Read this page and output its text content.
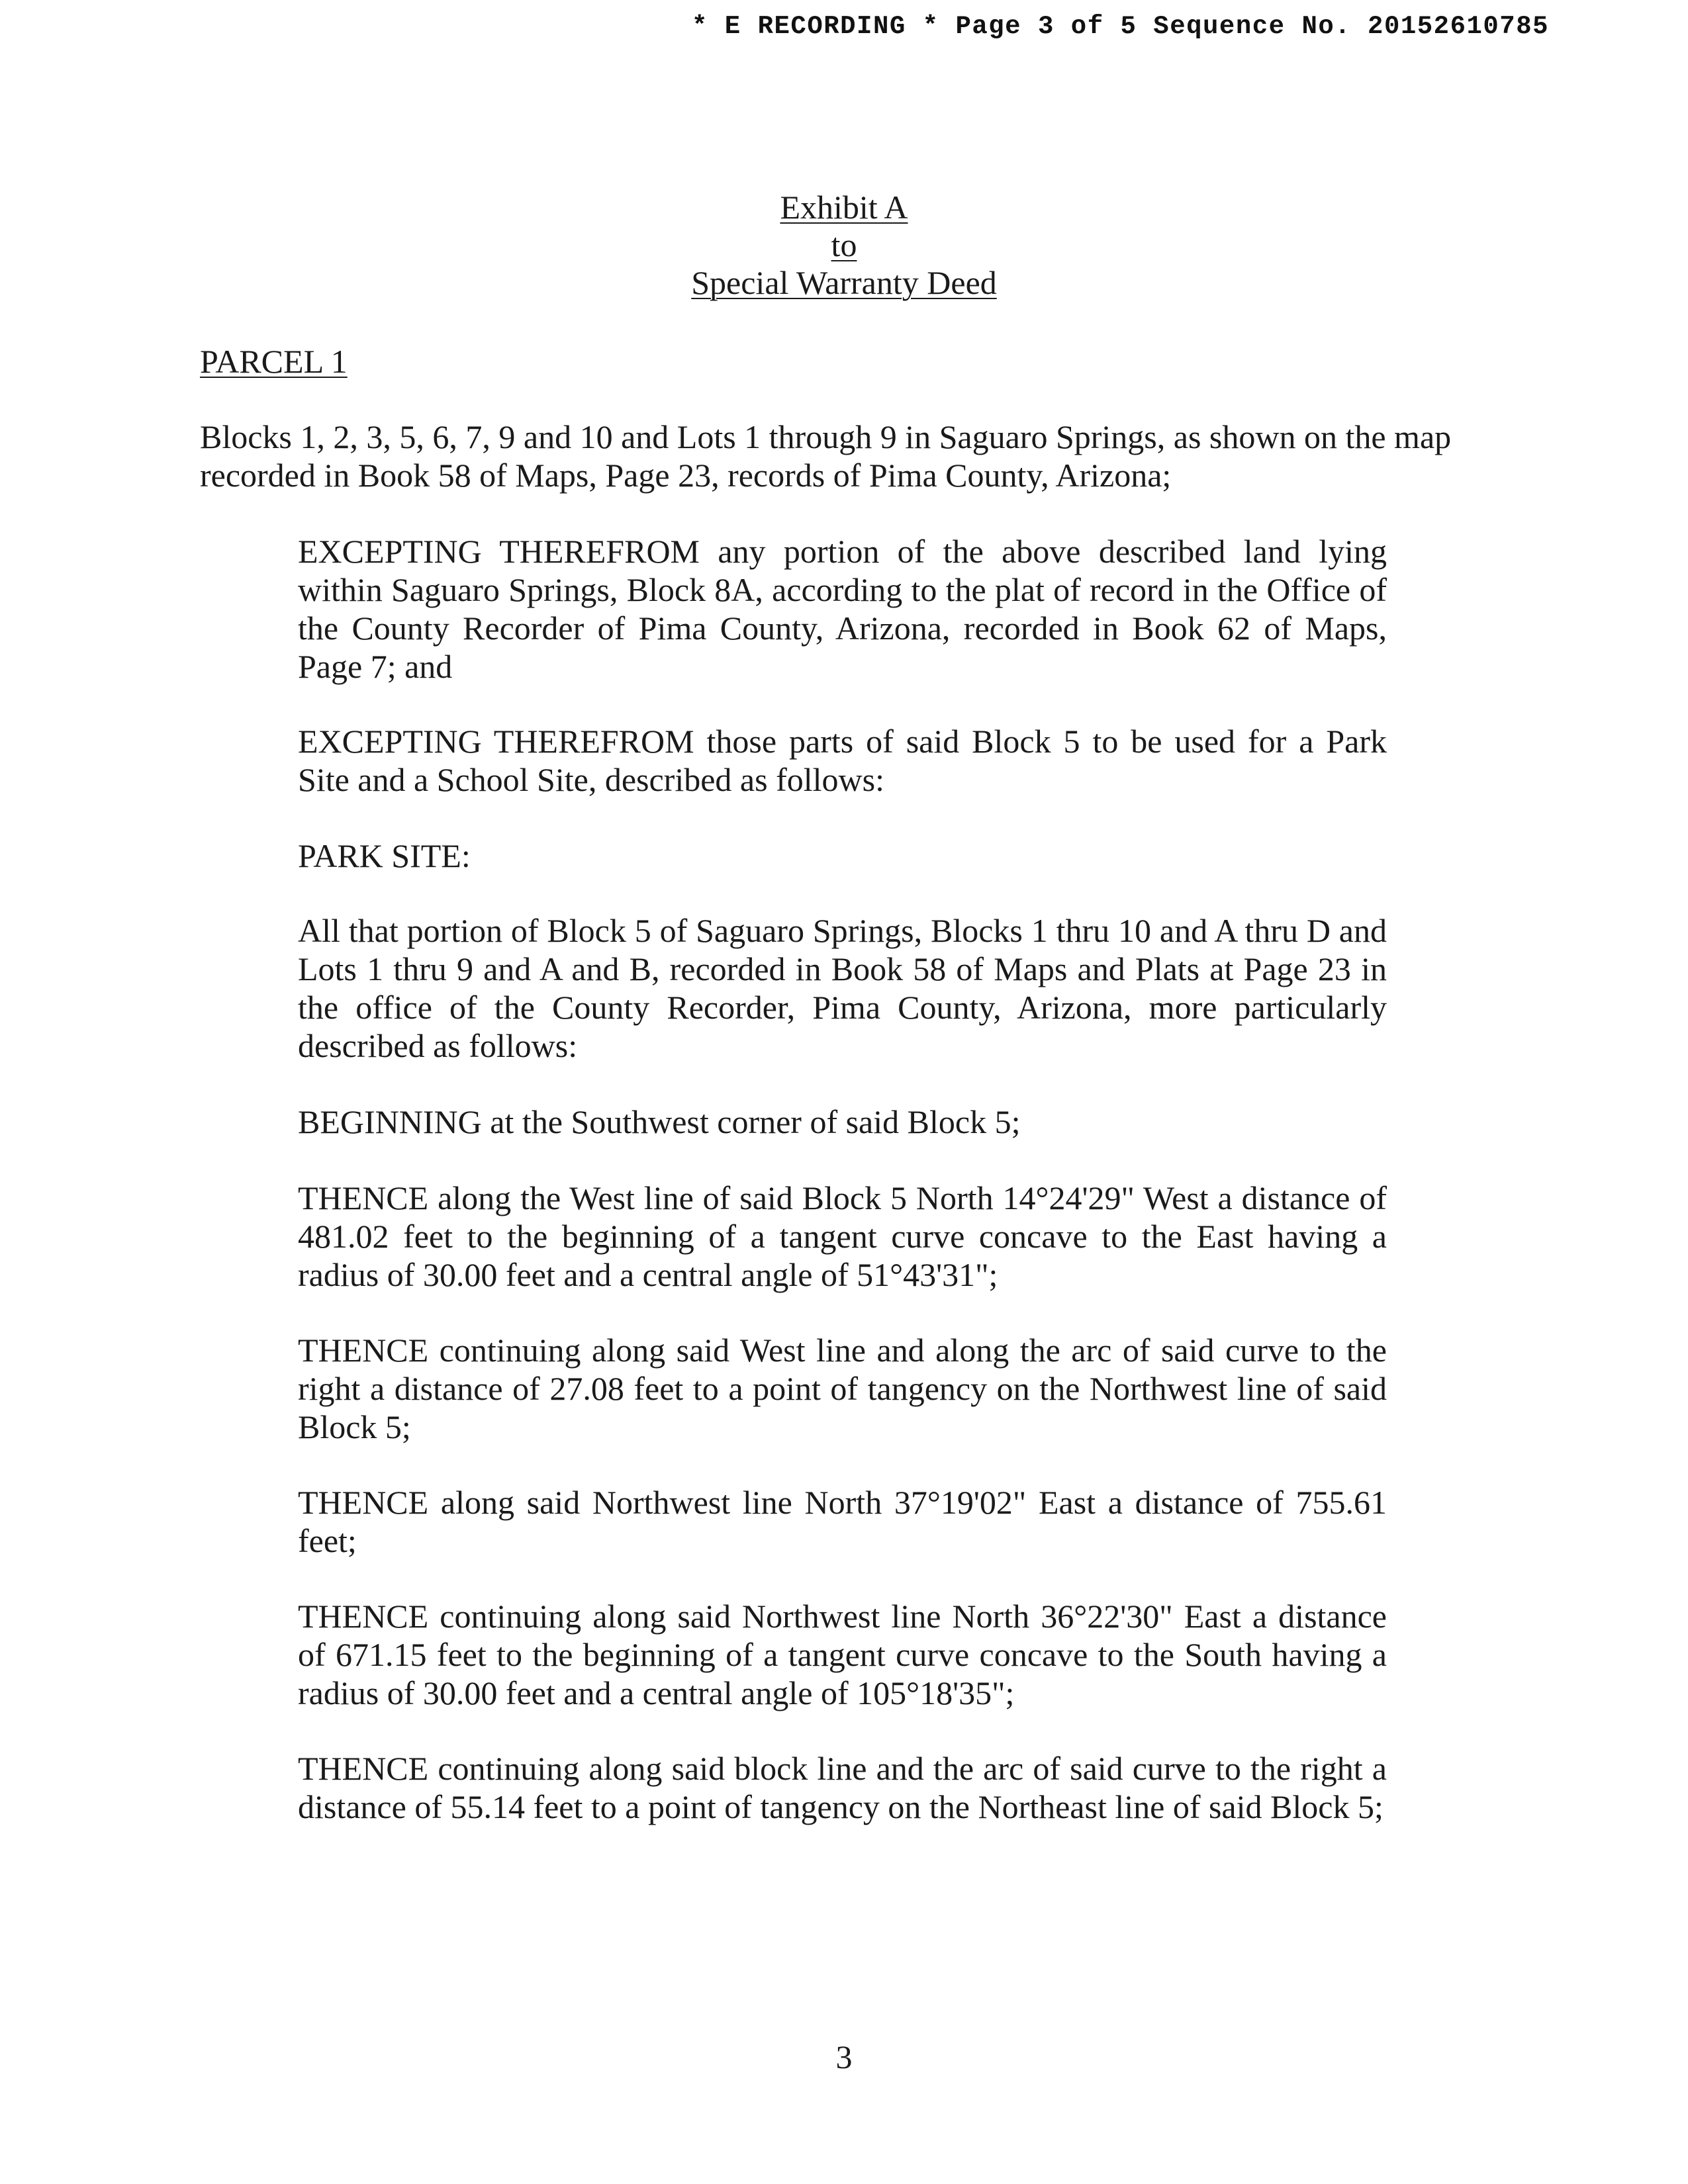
* E RECORDING * Page 3 of 5 Sequence No. 20152610785
Exhibit A
to
Special Warranty Deed
PARCEL 1

Blocks 1, 2, 3, 5, 6, 7, 9 and 10 and Lots 1 through 9 in Saguaro Springs, as shown on the map
recorded in Book 58 of Maps, Page 23, records of Pima County, Arizona;

EXCEPTING THEREFROM any portion of the above described land lying within Saguaro Springs, Block 8A, according to the plat of record in the Office of the County Recorder of Pima County, Arizona, recorded in Book 62 of Maps, Page 7; and

EXCEPTING THEREFROM those parts of said Block 5 to be used for a Park Site and a School Site, described as follows:

PARK SITE:

All that portion of Block 5 of Saguaro Springs, Blocks 1 thru 10 and A thru D and Lots 1 thru 9 and A and B, recorded in Book 58 of Maps and Plats at Page 23 in the office of the County Recorder, Pima County, Arizona, more particularly described as follows:

BEGINNING at the Southwest corner of said Block 5;

THENCE along the West line of said Block 5 North 14°24'29" West a distance of 481.02 feet to the beginning of a tangent curve concave to the East having a radius of 30.00 feet and a central angle of 51°43'31";

THENCE continuing along said West line and along the arc of said curve to the right a distance of 27.08 feet to a point of tangency on the Northwest line of said Block 5;

THENCE along said Northwest line North 37°19'02" East a distance of 755.61 feet;

THENCE continuing along said Northwest line North 36°22'30" East a distance of 671.15 feet to the beginning of a tangent curve concave to the South having a radius of 30.00 feet and a central angle of 105°18'35";

THENCE continuing along said block line and the arc of said curve to the right a distance of 55.14 feet to a point of tangency on the Northeast line of said Block 5;

3
